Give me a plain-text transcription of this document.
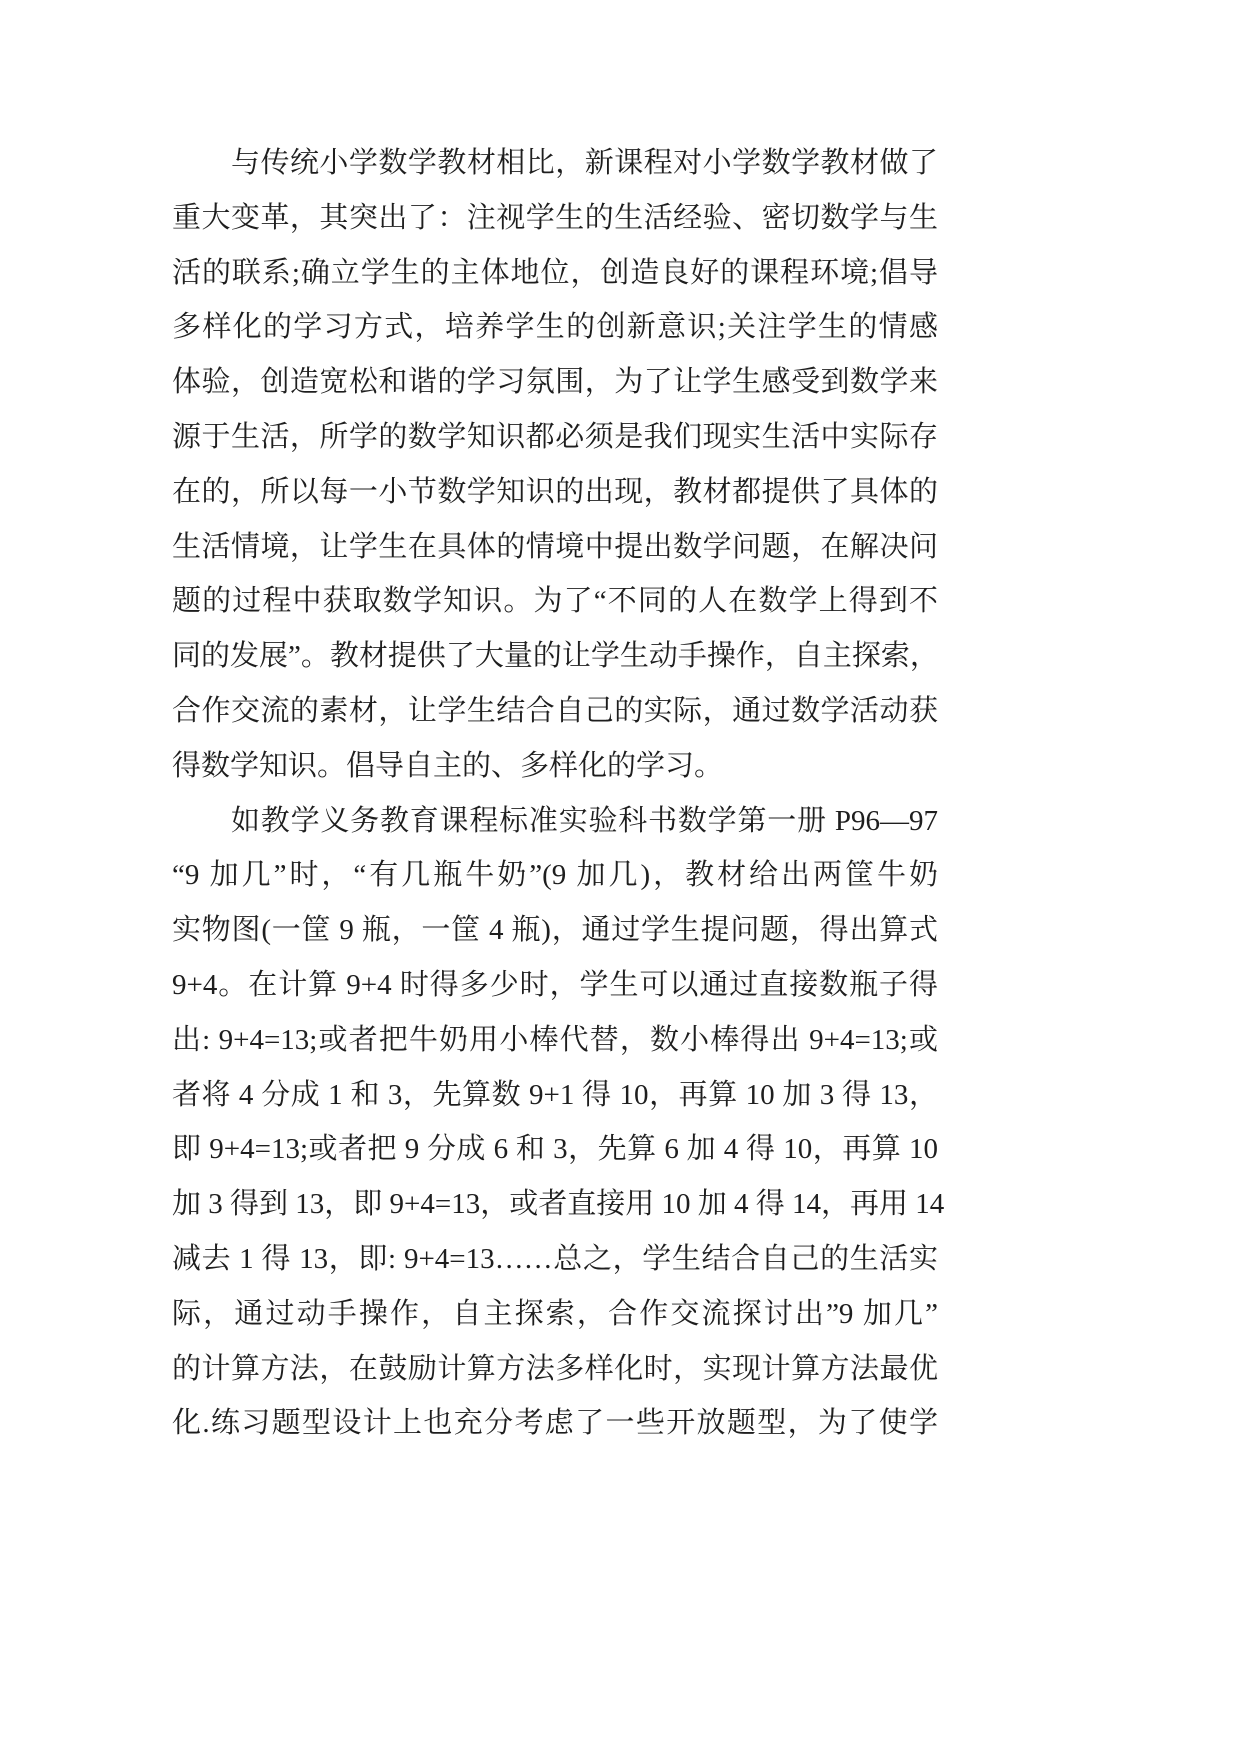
与传统小学数学教材相比，新课程对小学数学教材做了
重大变革，其突出了：注视学生的生活经验、密切数学与生
活的联系;确立学生的主体地位，创造良好的课程环境;倡导
多样化的学习方式，培养学生的创新意识;关注学生的情感
体验，创造宽松和谐的学习氛围，为了让学生感受到数学来
源于生活，所学的数学知识都必须是我们现实生活中实际存
在的，所以每一小节数学知识的出现，教材都提供了具体的
生活情境，让学生在具体的情境中提出数学问题，在解决问
题的过程中获取数学知识。为了“不同的人在数学上得到不
同的发展”。教材提供了大量的让学生动手操作，自主探索，
合作交流的素材，让学生结合自己的实际，通过数学活动获
得数学知识。倡导自主的、多样化的学习。
如教学义务教育课程标准实验科书数学第一册 P96—97
“9 加几”时，“有几瓶牛奶”(9 加几)，教材给出两筐牛奶
实物图(一筐 9 瓶，一筐 4 瓶)，通过学生提问题，得出算式
9+4。在计算 9+4 时得多少时，学生可以通过直接数瓶子得
出: 9+4=13;或者把牛奶用小棒代替，数小棒得出 9+4=13;或
者将 4 分成 1 和 3，先算数 9+1 得 10，再算 10 加 3 得 13，
即 9+4=13;或者把 9 分成 6 和 3，先算 6 加 4 得 10，再算 10
加 3 得到 13，即 9+4=13，或者直接用 10 加 4 得 14，再用 14
减去 1 得 13，即: 9+4=13……总之，学生结合自己的生活实
际，通过动手操作，自主探索，合作交流探讨出”9 加几”
的计算方法，在鼓励计算方法多样化时，实现计算方法最优
化.练习题型设计上也充分考虑了一些开放题型，为了使学
